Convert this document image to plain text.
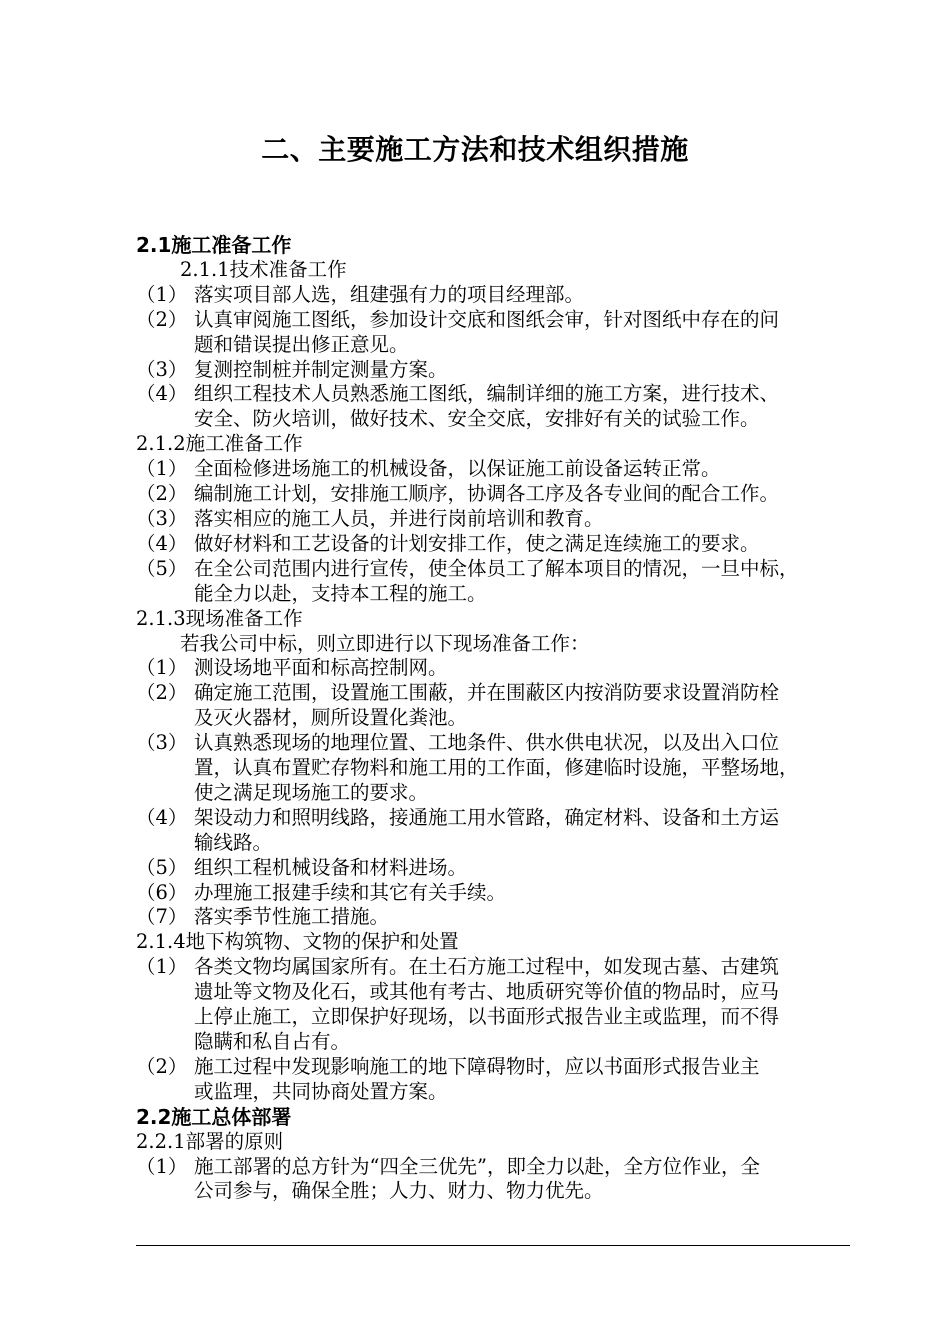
二、主要施工方法和技术组织措施
2.1施工准备工作
2.1.1技术准备工作
（1） 落实项目部人选，组建强有力的项目经理部。
（2） 认真审阅施工图纸，参加设计交底和图纸会审，针对图纸中存在的问
题和错误提出修正意见。
（3） 复测控制桩并制定测量方案。
（4） 组织工程技术人员熟悉施工图纸，编制详细的施工方案，进行技术、
安全、防火培训，做好技术、安全交底，安排好有关的试验工作。
2.1.2施工准备工作
（1） 全面检修进场施工的机械设备，以保证施工前设备运转正常。
（2） 编制施工计划，安排施工顺序，协调各工序及各专业间的配合工作。
（3） 落实相应的施工人员，并进行岗前培训和教育。
（4） 做好材料和工艺设备的计划安排工作，使之满足连续施工的要求。
（5） 在全公司范围内进行宣传，使全体员工了解本项目的情况，一旦中标，
能全力以赴，支持本工程的施工。
2.1.3现场准备工作
若我公司中标，则立即进行以下现场准备工作：
（1） 测设场地平面和标高控制网。
（2） 确定施工范围，设置施工围蔽，并在围蔽区内按消防要求设置消防栓
及灭火器材，厕所设置化粪池。
（3） 认真熟悉现场的地理位置、工地条件、供水供电状况，以及出入口位
置，认真布置贮存物料和施工用的工作面，修建临时设施，平整场地，
使之满足现场施工的要求。
（4） 架设动力和照明线路，接通施工用水管路，确定材料、设备和土方运
输线路。
（5） 组织工程机械设备和材料进场。
（6） 办理施工报建手续和其它有关手续。
（7） 落实季节性施工措施。
2.1.4地下构筑物、文物的保护和处置
（1） 各类文物均属国家所有。在土石方施工过程中，如发现古墓、古建筑
遗址等文物及化石，或其他有考古、地质研究等价值的物品时，应马
上停止施工，立即保护好现场，以书面形式报告业主或监理，而不得
隐瞒和私自占有。
（2） 施工过程中发现影响施工的地下障碍物时，应以书面形式报告业主
或监理，共同协商处置方案。
2.2施工总体部署
2.2.1部署的原则
（1） 施工部署的总方针为“四全三优先”，即全力以赴，全方位作业，全
公司参与，确保全胜；人力、财力、物力优先。
